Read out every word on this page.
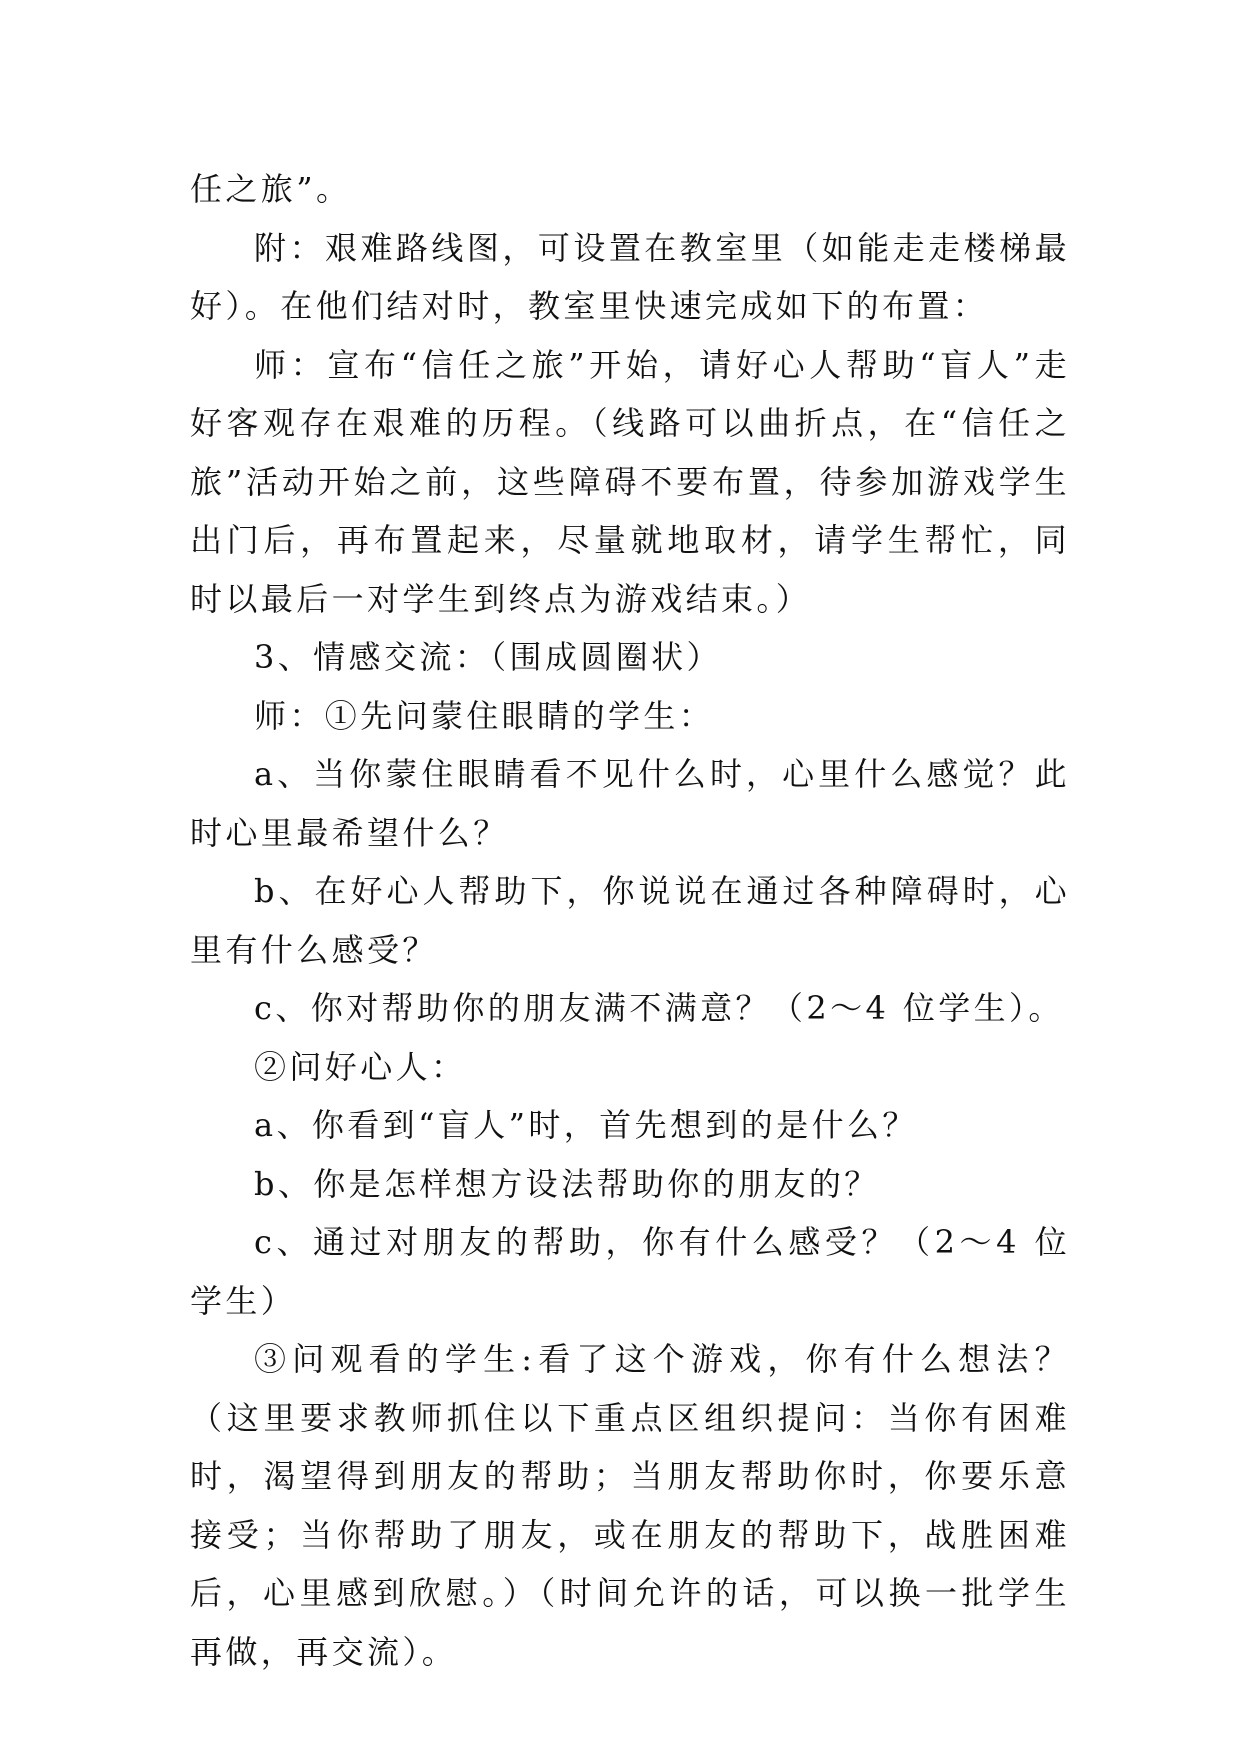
任之旅”。

附：艰难路线图，可设置在教室里（如能走走楼梯最好）。在他们结对时，教室里快速完成如下的布置：

师：宣布“信任之旅”开始，请好心人帮助“盲人”走好客观存在艰难的历程。（线路可以曲折点，在“信任之旅”活动开始之前，这些障碍不要布置，待参加游戏学生出门后，再布置起来，尽量就地取材，请学生帮忙，同时以最后一对学生到终点为游戏结束。）

3、情感交流：（围成圆圈状）

师：①先问蒙住眼睛的学生：

a、当你蒙住眼睛看不见什么时，心里什么感觉？此时心里最希望什么？

b、在好心人帮助下，你说说在通过各种障碍时，心里有什么感受？

c、你对帮助你的朋友满不满意？（2～4 位学生）。

②问好心人：

a、你看到“盲人”时，首先想到的是什么？

b、你是怎样想方设法帮助你的朋友的？

c、通过对朋友的帮助，你有什么感受？（2～4 位学生）

③问观看的学生:看了这个游戏，你有什么想法？（这里要求教师抓住以下重点区组织提问：当你有困难时，渴望得到朋友的帮助；当朋友帮助你时，你要乐意接受；当你帮助了朋友，或在朋友的帮助下，战胜困难后，心里感到欣慰。）（时间允许的话，可以换一批学生再做，再交流）。
